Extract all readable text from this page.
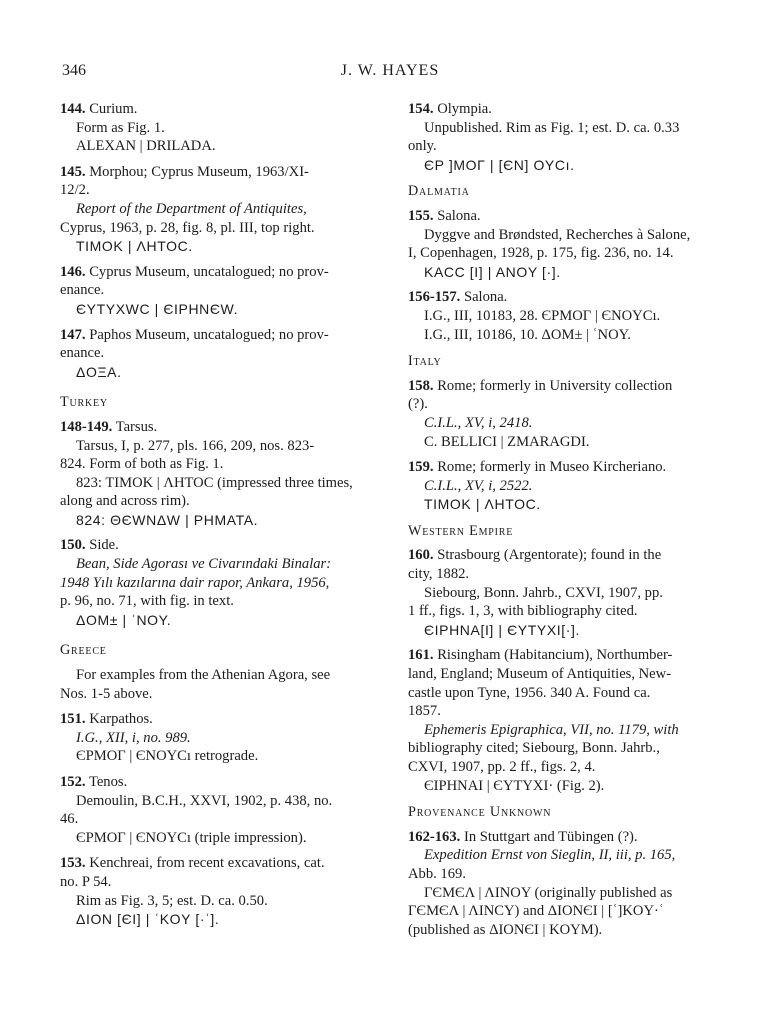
346	J. W. HAYES

144. Curium.

Form as Fig. 1.

ALEXAN | DRILADA.

145. Morphou; Cyprus Museum, 1963/XI-

12/2.

Report of the Department of Antiquites,

Cyprus, 1963, p. 28, fig. 8, pl. III, top right.

TIMOK | ΛHTOC.

146. Cyprus Museum, uncatalogued; no prov-

enance.

ЄYTYXWC | ЄIPHNЄW.

147. Paphos Museum, uncatalogued; no prov-

enance.

ΔOΞA.

Turkey

148-149. Tarsus.

Tarsus, I, p. 277, pls. 166, 209, nos. 823-

824. Form of both as Fig. 1.

823: TIMOK | ΛHTOC (impressed three times,

along and across rim).

824: ΘЄWNΔW | PHMATA.

150. Side.

Bean, Side Agorası ve Civarındaki Binalar:

1948 Yılı kazılarına dair rapor, Ankara, 1956,

p. 96, no. 71, with fig. in text.

ΔOM± | ʿNOY.

Greece

For examples from the Athenian Agora, see

Nos. 1-5 above.

151. Karpathos.

I.G., XII, i, no. 989.

ЄPMOΓ | ЄNOYCı retrograde.

152. Tenos.

Demoulin, B.C.H., XXVI, 1902, p. 438, no.

46.

ЄPMOΓ | ЄNOYCı (triple impression).

153. Kenchreai, from recent excavations, cat.

no. P 54.

Rim as Fig. 3, 5; est. D. ca. 0.50.

ΔION [ЄI] | ʿKOY [·ʿ].

154. Olympia.

Unpublished. Rim as Fig. 1; est. D. ca. 0.33

only.

ЄP ]MOΓ | [ЄN] OYCı.

Dalmatia

155. Salona.

Dyggve and Brøndsted, Recherches à Salone,

I, Copenhagen, 1928, p. 175, fig. 236, no. 14.

KACC [I] | ANOY [·].

156-157. Salona.

I.G., III, 10183, 28. ЄPMOΓ | ЄNOYCı.

I.G., III, 10186, 10. ΔOM± | ʿNOY.

Italy

158. Rome; formerly in University collection

(?).

C.I.L., XV, i, 2418.

C. BELLICI | ZMARAGDI.

159. Rome; formerly in Museo Kircheriano.

C.I.L., XV, i, 2522.

TIMOK | ΛHTOC.

Western Empire

160. Strasbourg (Argentorate); found in the

city, 1882.

Siebourg, Bonn. Jahrb., CXVI, 1907, pp.

1 ff., figs. 1, 3, with bibliography cited.

ЄIPHNA[I] | ЄYTYXI[·].

161. Risingham (Habitancium), Northumber-

land, England; Museum of Antiquities, New-

castle upon Tyne, 1956. 340 A. Found ca.

1857.

Ephemeris Epigraphica, VII, no. 1179, with

bibliography cited; Siebourg, Bonn. Jahrb.,

CXVI, 1907, pp. 2 ff., figs. 2, 4.

ЄIPHNAI | ЄYTYXI· (Fig. 2).

Provenance Unknown

162-163. In Stuttgart and Tübingen (?).

Expedition Ernst von Sieglin, II, iii, p. 165,

Abb. 169.

ΓЄMЄΛ | ΛINOY (originally published as

ΓЄMЄΛ | ΛINCY) and ΔIONЄI | [ʿ]KOY·ʿ

(published as ΔIONЄI | KOYM).
